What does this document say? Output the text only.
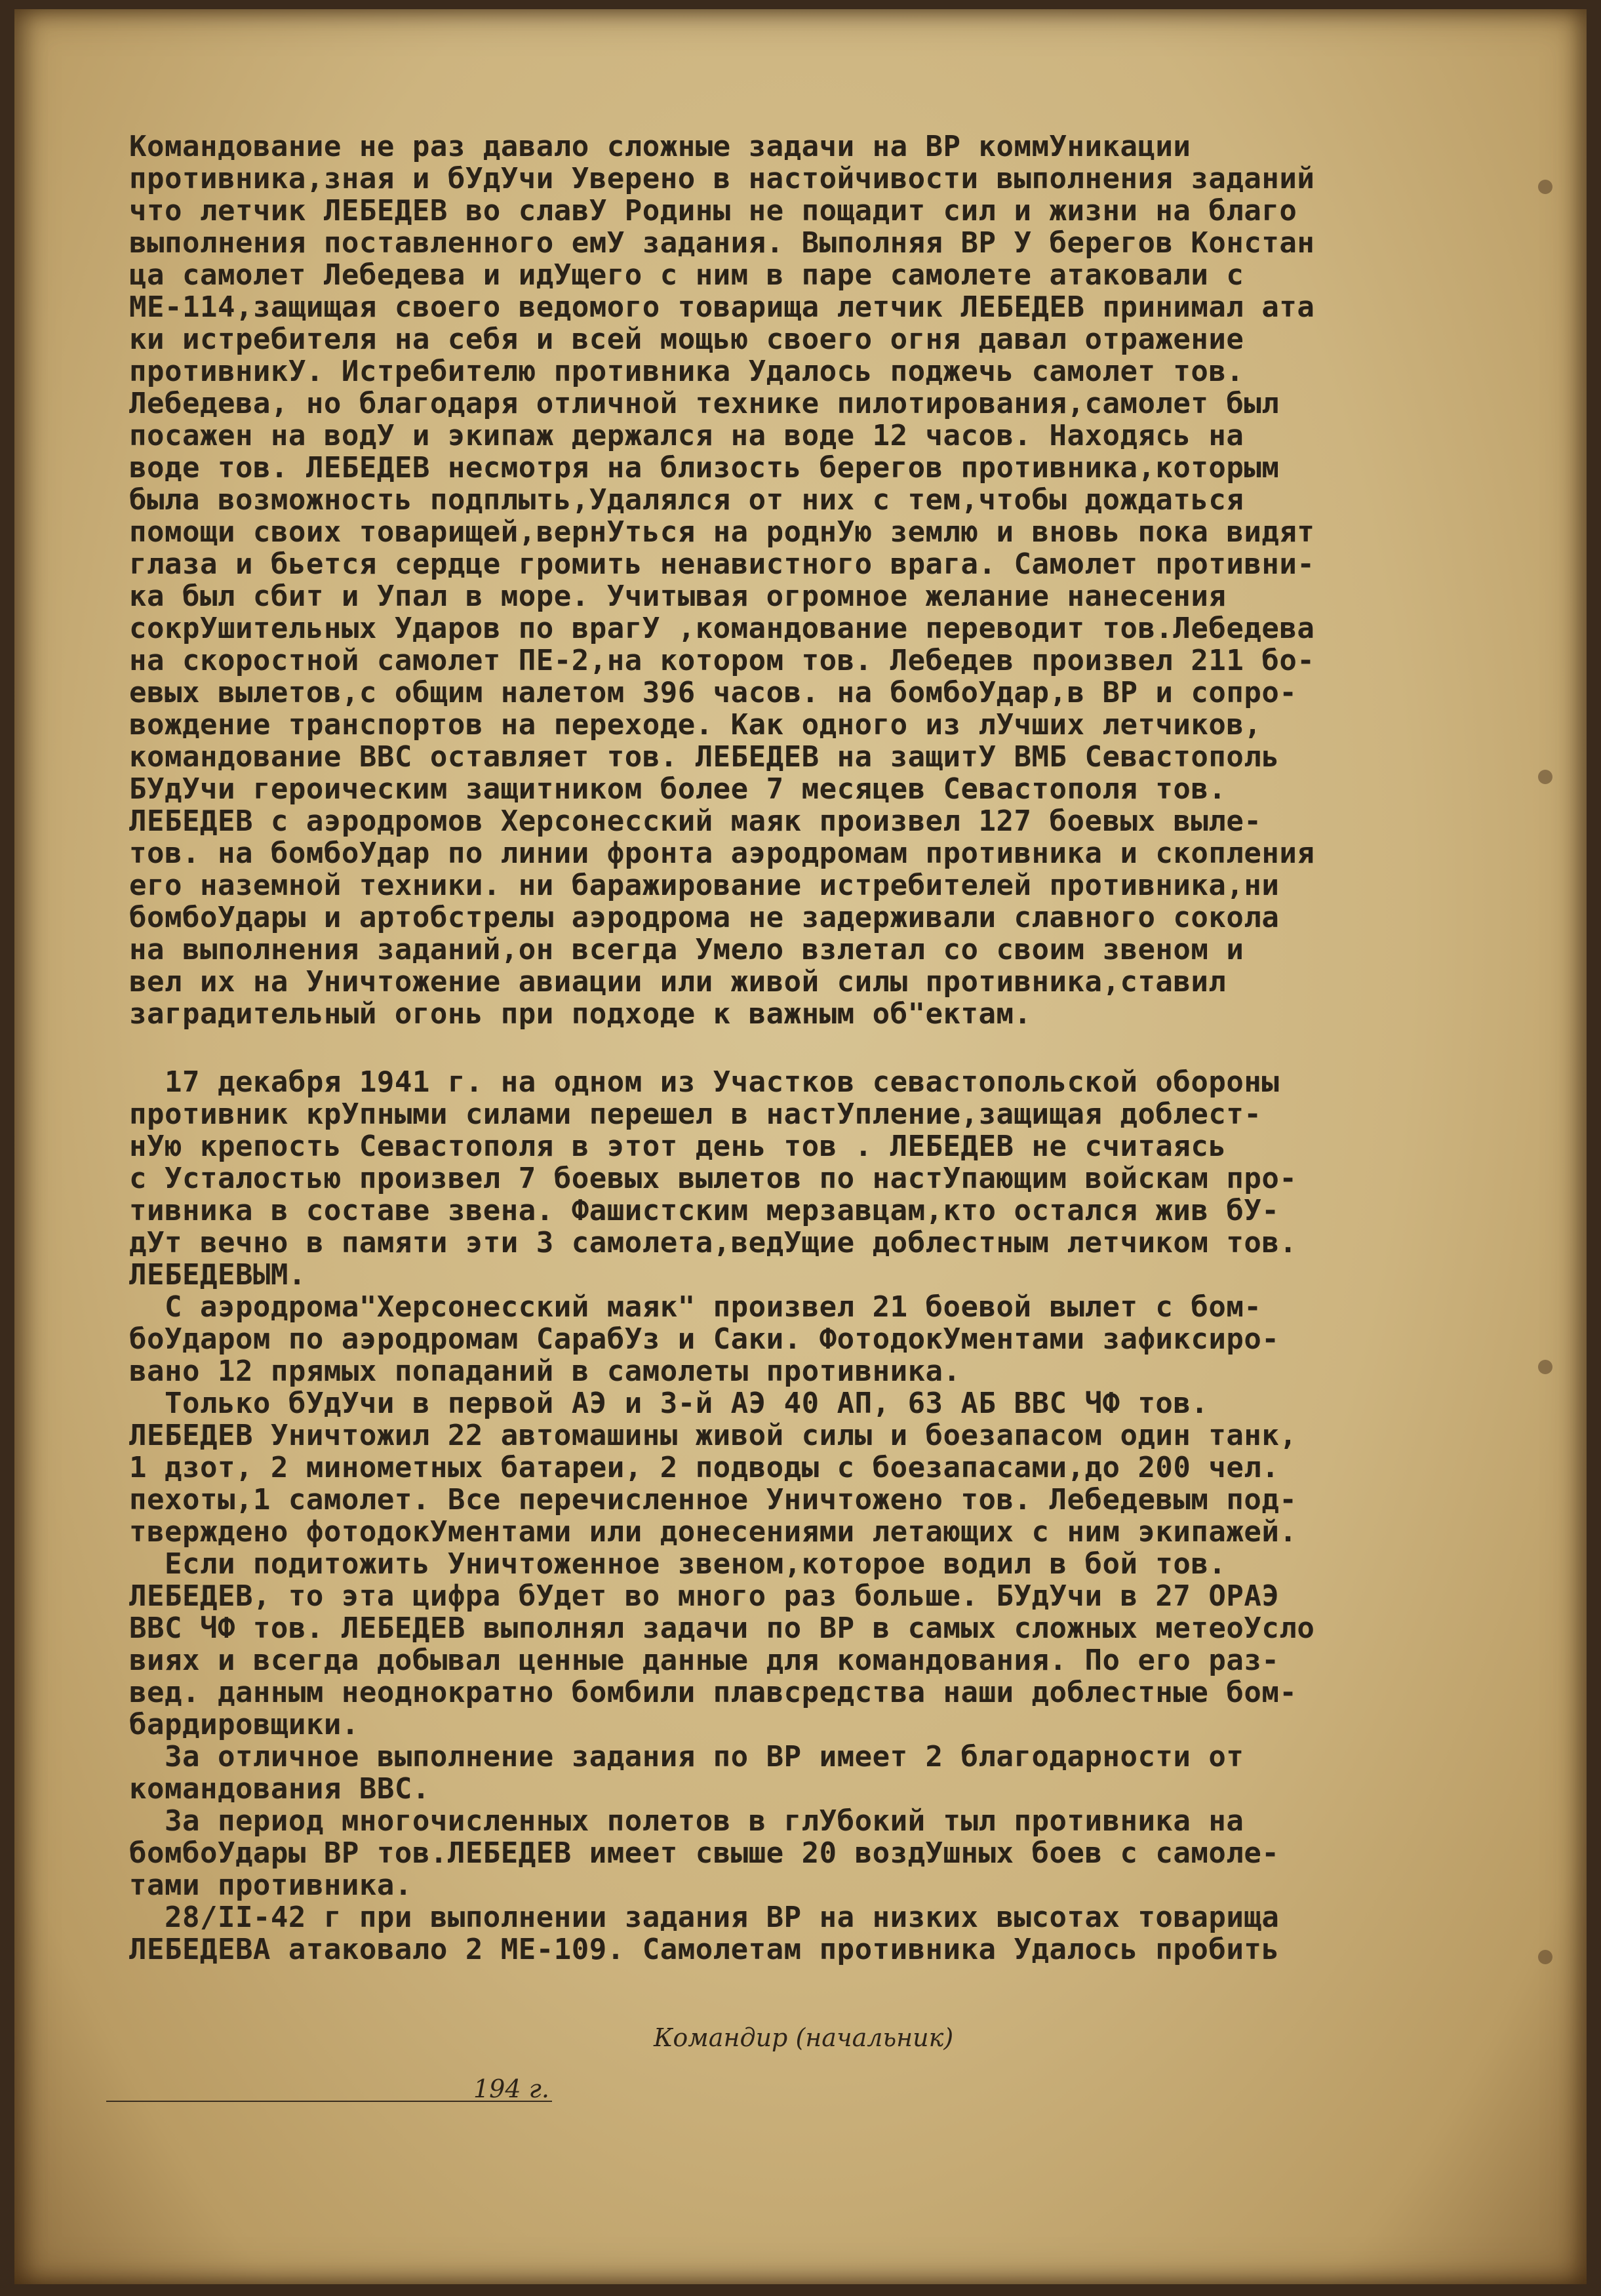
Командование не раз давало сложные задачи на ВР коммУникации
противника,зная и бУдУчи Уверено в настойчивости выполнения заданий
что летчик ЛЕБЕДЕВ во славУ Родины не пощадит сил и жизни на благо
выполнения поставленного емУ задания. Выполняя ВР У берегов Констан
ца самолет Лебедева и идУщего с ним в паре самолете атаковали с
МЕ-114,защищая своего ведомого товарища летчик ЛЕБЕДЕВ принимал ата
ки истребителя на себя и всей мощью своего огня давал отражение
противникУ. Истребителю противника Удалось поджечь самолет тов.
Лебедева, но благодаря отличной технике пилотирования,самолет был
посажен на водУ и экипаж держался на воде 12 часов. Находясь на
воде тов. ЛЕБЕДЕВ несмотря на близость берегов противника,которым
была возможность подплыть,Удалялся от них с тем,чтобы дождаться
помощи своих товарищей,вернУться на роднУю землю и вновь пока видят
глаза и бьется сердце громить ненавистного врага. Самолет противни-
ка был сбит и Упал в море. Учитывая огромное желание нанесения
сокрУшительных Ударов по врагУ ,командование переводит тов.Лебедева
на скоростной самолет ПЕ-2,на котором тов. Лебедев произвел 211 бо-
евых вылетов,с общим налетом 396 часов. на бомбоУдар,в ВР и сопро-
вождение транспортов на переходе. Как одного из лУчших летчиков,
командование ВВС оставляет тов. ЛЕБЕДЕВ на защитУ ВМБ Севастополь
БУдУчи героическим защитником более 7 месяцев Севастополя тов.
ЛЕБЕДЕВ с аэродромов Херсонесский маяк произвел 127 боевых выле-
тов. на бомбоУдар по линии фронта аэродромам противника и скопления
его наземной техники. ни баражирование истребителей противника,ни
бомбоУдары и артобстрелы аэродрома не задерживали славного сокола
на выполнения заданий,он всегда Умело взлетал со своим звеном и
вел их на Уничтожение авиации или живой силы противника,ставил
заградительный огонь при подходе к важным об"ектам.
17 декабря 1941 г. на одном из Участков севастопольской обороны
противник крУпными силами перешел в настУпление,защищая доблест-
нУю крепость Севастополя в этот день тов . ЛЕБЕДЕВ не считаясь
с Усталостью произвел 7 боевых вылетов по настУпающим войскам про-
тивника в составе звена. Фашистским мерзавцам,кто остался жив бУ-
дУт вечно в памяти эти 3 самолета,ведУщие доблестным летчиком тов.
ЛЕБЕДЕВЫМ.
С аэродрома"Херсонесский маяк" произвел 21 боевой вылет с бом-
боУдаром по аэродромам СарабУз и Саки. ФотодокУментами зафиксиро-
вано 12 прямых попаданий в самолеты противника.
Только бУдУчи в первой АЭ и 3-й АЭ 40 АП, 63 АБ ВВС ЧФ тов.
ЛЕБЕДЕВ Уничтожил 22 автомашины живой силы и боезапасом один танк,
1 дзот, 2 минометных батареи, 2 подводы с боезапасами,до 200 чел.
пехоты,1 самолет. Все перечисленное Уничтожено тов. Лебедевым под-
тверждено фотодокУментами или донесениями летающих с ним экипажей.
Если подитожить Уничтоженное звеном,которое водил в бой тов.
ЛЕБЕДЕВ, то эта цифра бУдет во много раз больше. БУдУчи в 27 ОРАЭ
ВВС ЧФ тов. ЛЕБЕДЕВ выполнял задачи по ВР в самых сложных метеоУсло
виях и всегда добывал ценные данные для командования. По его раз-
вед. данным неоднократно бомбили плавсредства наши доблестные бом-
бардировщики.
За отличное выполнение задания по ВР имеет 2 благодарности от
командования ВВС.
За период многочисленных полетов в глУбокий тыл противника на
бомбоУдары ВР тов.ЛЕБЕДЕВ имеет свыше 20 воздУшных боев с самоле-
тами противника.
28/II-42 г при выполнении задания ВР на низких высотах товарища
ЛЕБЕДЕВА атаковало 2 МЕ-109. Самолетам противника Удалось пробить
Командир (начальник)
194 г.
